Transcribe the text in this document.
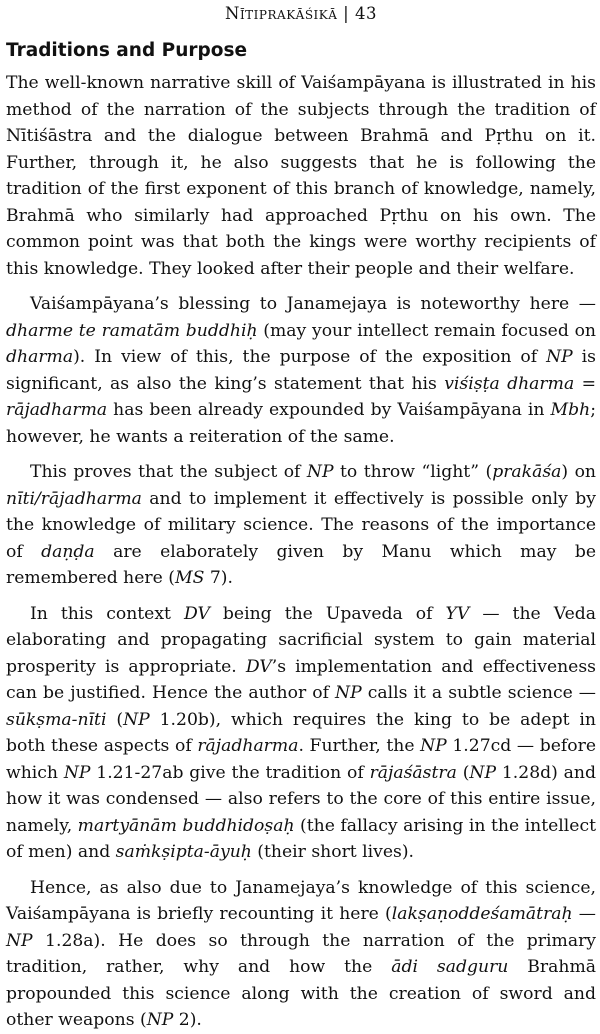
Nītiprakāśikā | 43
Traditions and Purpose

The well-known narrative skill of Vaiśampāyana is illustrated in his method of the narration of the subjects through the tradition of Nītiśāstra and the dialogue between Brahmā and Pṛthu on it. Further, through it, he also suggests that he is following the tradition of the first exponent of this branch of knowledge, namely, Brahmā who similarly had approached Pṛthu on his own. The common point was that both the kings were worthy recipients of this knowledge. They looked after their people and their welfare.

Vaiśampāyana’s blessing to Janamejaya is noteworthy here — dharme te ramatām buddhiḥ (may your intellect remain focused on dharma). In view of this, the purpose of the exposition of NP is significant, as also the king’s statement that his viśiṣṭa dharma = rājadharma has been already expounded by Vaiśampāyana in Mbh; however, he wants a reiteration of the same.

This proves that the subject of NP to throw “light” (prakāśa) on nīti/rājadharma and to implement it effectively is possible only by the knowledge of military science. The reasons of the importance of daṇḍa are elaborately given by Manu which may be remembered here (MS 7).

In this context DV being the Upaveda of YV — the Veda elaborating and propagating sacrificial system to gain material prosperity is appropriate. DV’s implementation and effectiveness can be justified. Hence the author of NP calls it a subtle science — sūkṣma-nīti (NP 1.20b), which requires the king to be adept in both these aspects of rājadharma. Further, the NP 1.27cd — before which NP 1.21-27ab give the tradition of rājaśāstra (NP 1.28d) and how it was condensed — also refers to the core of this entire issue, namely, martyānām buddhidoṣaḥ (the fallacy arising in the intellect of men) and saṁkṣipta-āyuḥ (their short lives).

Hence, as also due to Janamejaya’s knowledge of this science, Vaiśampāyana is briefly recounting it here (lakṣaṇoddeśamātraḥ — NP 1.28a). He does so through the narration of the primary tradition, rather, why and how the ādi sadguru Brahmā propounded this science along with the creation of sword and other weapons (NP 2).
